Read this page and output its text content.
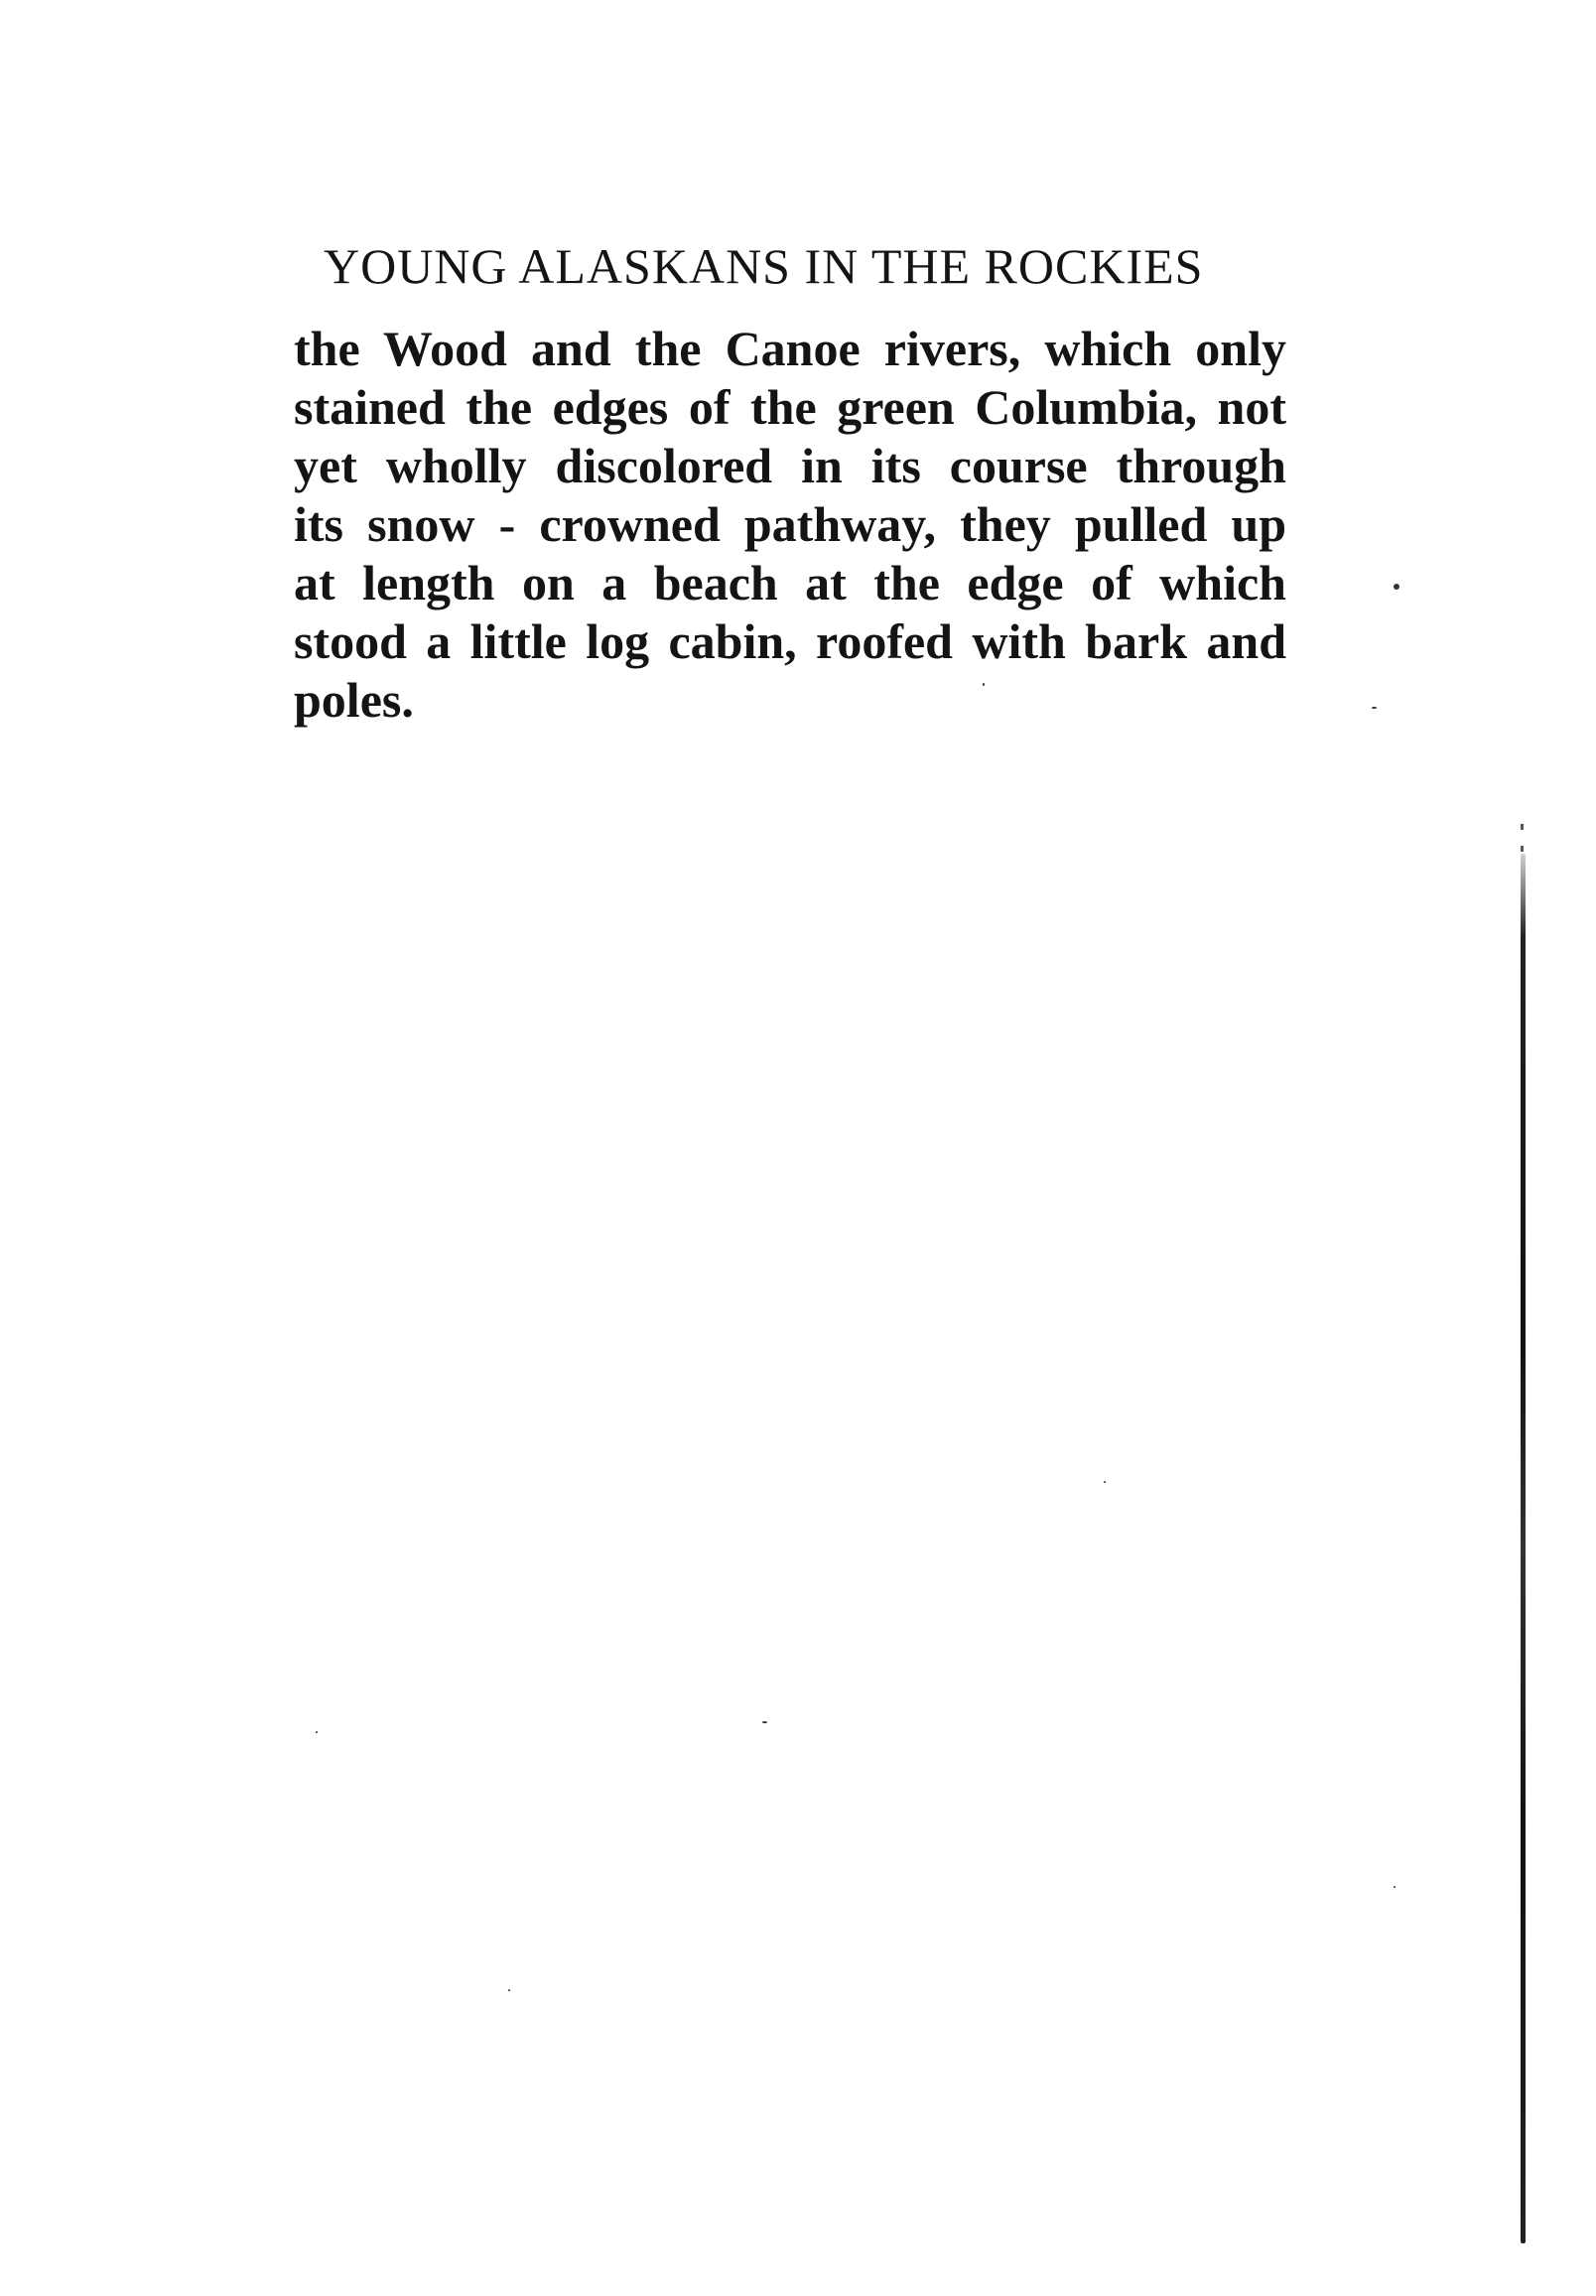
YOUNG ALASKANS IN THE ROCKIES
the Wood and the Canoe rivers, which only
stained the edges of the green Columbia, not
yet wholly discolored in its course through
its snow - crowned pathway, they pulled up
at length on a beach at the edge of which
stood a little log cabin, roofed with bark and
poles.
